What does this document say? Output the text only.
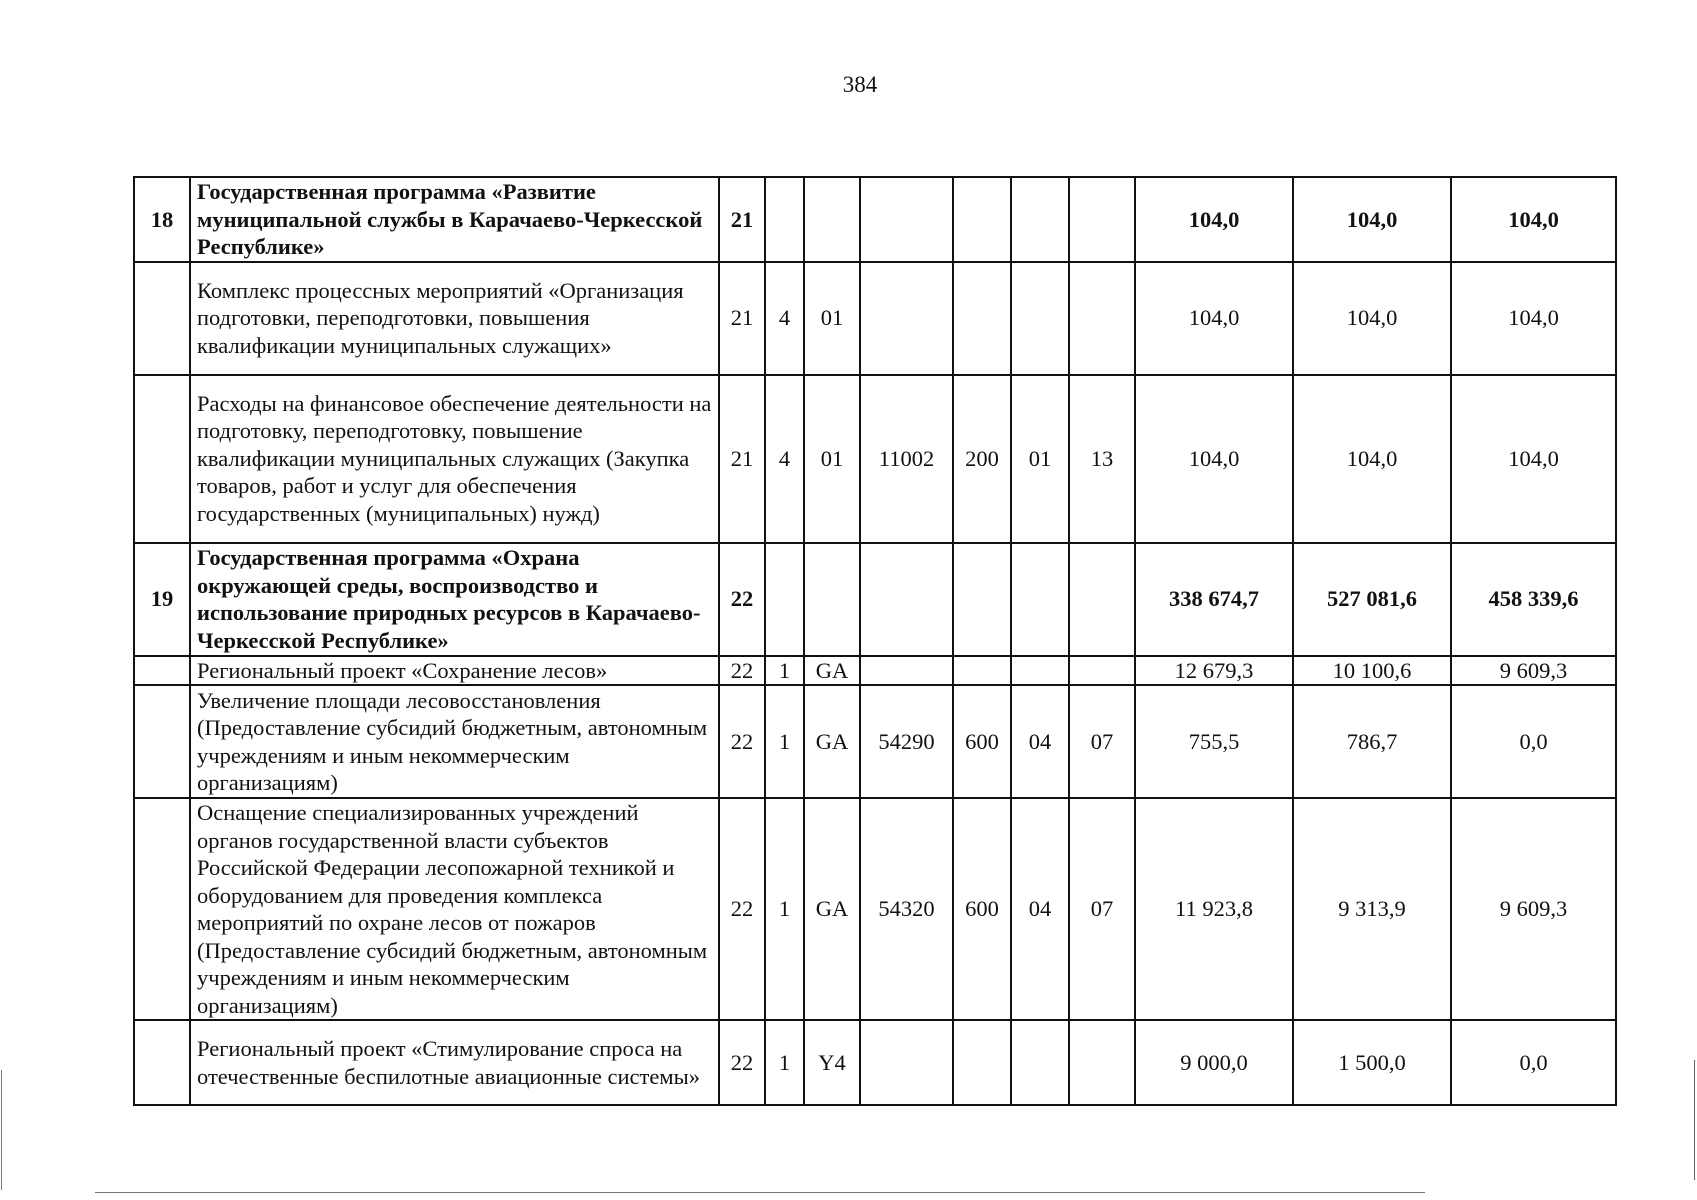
384
18	Государственная программа «Развитие муниципальной службы в Карачаево-Черкесской Республике»	21							104,0	104,0	104,0
	Комплекс процессных мероприятий «Организация подготовки, переподготовки, повышения квалификации муниципальных служащих»	21	4	01					104,0	104,0	104,0
	Расходы на финансовое обеспечение деятельности на подготовку, переподготовку, повышение квалификации муниципальных служащих (Закупка товаров, работ и услуг для обеспечения государственных (муниципальных) нужд)	21	4	01	11002	200	01	13	104,0	104,0	104,0
19	Государственная программа «Охрана окружающей среды, воспроизводство и использование природных ресурсов в Карачаево-Черкесской Республике»	22							338 674,7	527 081,6	458 339,6
	Региональный проект «Сохранение лесов»	22	1	GA					12 679,3	10 100,6	9 609,3
	Увеличение площади лесовосстановления (Предоставление субсидий бюджетным, автономным учреждениям и иным некоммерческим организациям)	22	1	GA	54290	600	04	07	755,5	786,7	0,0
	Оснащение специализированных учреждений органов государственной власти субъектов Российской Федерации лесопожарной техникой и оборудованием для проведения комплекса мероприятий по охране лесов от пожаров (Предоставление субсидий бюджетным, автономным учреждениям и иным некоммерческим организациям)	22	1	GA	54320	600	04	07	11 923,8	9 313,9	9 609,3
	Региональный проект «Стимулирование спроса на отечественные беспилотные авиационные системы»	22	1	Y4					9 000,0	1 500,0	0,0
